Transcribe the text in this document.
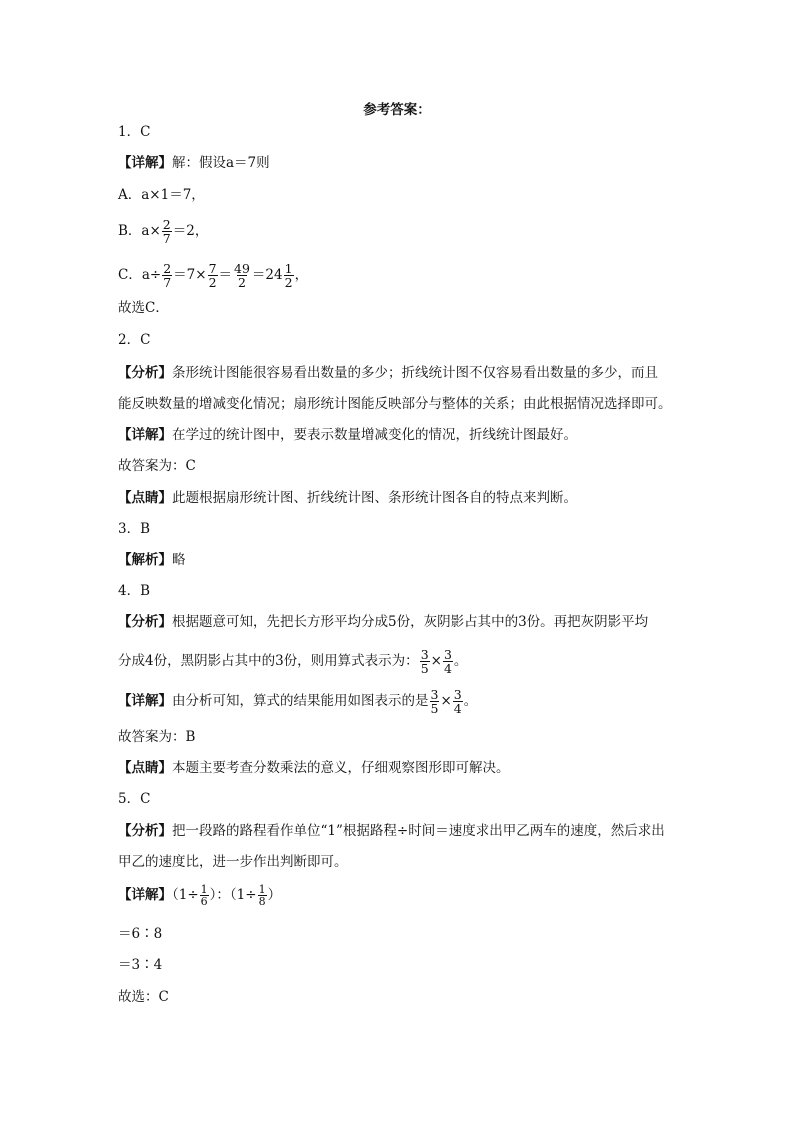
参考答案：
1．C
【详解】解：假设a＝7则
A．a×1＝7，
B．$a\times \frac{2}{7} =2$，
C．$a\div \frac{2}{7} =7\times \frac{7}{2} = \frac{49}{2} =24 \frac{1}{2}$ ，
故选C．
2．C
【分析】条形统计图能很容易看出数量的多少；折线统计图不仅容易看出数量的多少，而且
能反映数量的增减变化情况；扇形统计图能反映部分与整体的关系；由此根据情况选择即可。
【详解】在学过的统计图中，要表示数量增减变化的情况，折线统计图最好。
故答案为：C
【点睛】此题根据扇形统计图、折线统计图、条形统计图各自的特点来判断。
3．B
【解析】略
4．B
【分析】根据题意可知，先把长方形平均分成5份，灰阴影占其中的3份。再把灰阴影平均
分成4份，黑阴影占其中的3份，则用算式表示为： $\frac{3}{5} \times \frac{3}{4}$ 。
【详解】由分析可知，算式的结果能用如图表示的是 $\frac{3}{5} \times \frac{3}{4}$ 。
故答案为：B
【点睛】本题主要考查分数乘法的意义，仔细观察图形即可解决。
5．C
【分析】把一段路的路程看作单位“1”根据路程÷时间＝速度求出甲乙两车的速度，然后求出
甲乙的速度比，进一步作出判断即可。
【详解】（$1\div \frac{1}{6}$ ）：（$1\div \frac{1}{8}$ ）
＝6∶8
＝3∶4
故选：C
